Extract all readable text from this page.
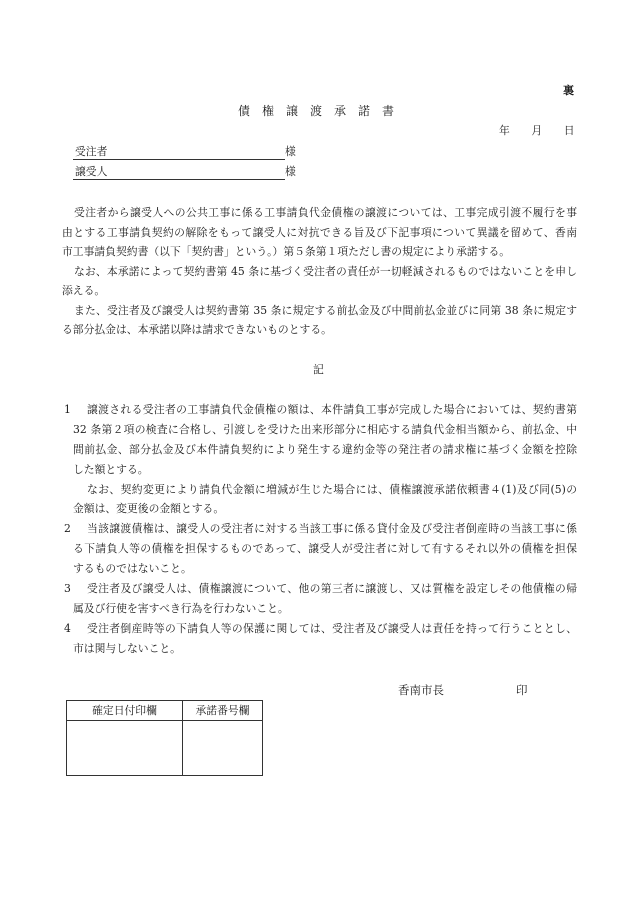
裏
債　権　譲　渡　承　諾　書
年　　月　　日
受注者	様
譲受人	様
受注者から譲受人への公共工事に係る工事請負代金債権の譲渡については、工事完成引渡不履行を事
由とする工事請負契約の解除をもって譲受人に対抗できる旨及び下記事項について異議を留めて、香南
市工事請負契約書（以下「契約書」という。）第５条第１項ただし書の規定により承諾する。
なお、本承諾によって契約書第 45 条に基づく受注者の責任が一切軽減されるものではないことを申し
添える。
また、受注者及び譲受人は契約書第 35 条に規定する前払金及び中間前払金並びに同第 38 条に規定す
る部分払金は、本承諾以降は請求できないものとする。
記
1	譲渡される受注者の工事請負代金債権の額は、本件請負工事が完成した場合においては、契約書第
32 条第２項の検査に合格し、引渡しを受けた出来形部分に相応する請負代金相当額から、前払金、中
間前払金、部分払金及び本件請負契約により発生する違約金等の発注者の請求権に基づく金額を控除
した額とする。
なお、契約変更により請負代金額に増減が生じた場合には、債権譲渡承諾依頼書４(1)及び同(5)の
金額は、変更後の金額とする。
2	当該譲渡債権は、譲受人の受注者に対する当該工事に係る貸付金及び受注者倒産時の当該工事に係
る下請負人等の債権を担保するものであって、譲受人が受注者に対して有するそれ以外の債権を担保
するものではないこと。
3	受注者及び譲受人は、債権譲渡について、他の第三者に譲渡し、又は質権を設定しその他債権の帰
属及び行使を害すべき行為を行わないこと。
4	受注者倒産時等の下請負人等の保護に関しては、受注者及び譲受人は責任を持って行うこととし、
市は関与しないこと。
香南市長	印
確定日付印欄	承諾番号欄
